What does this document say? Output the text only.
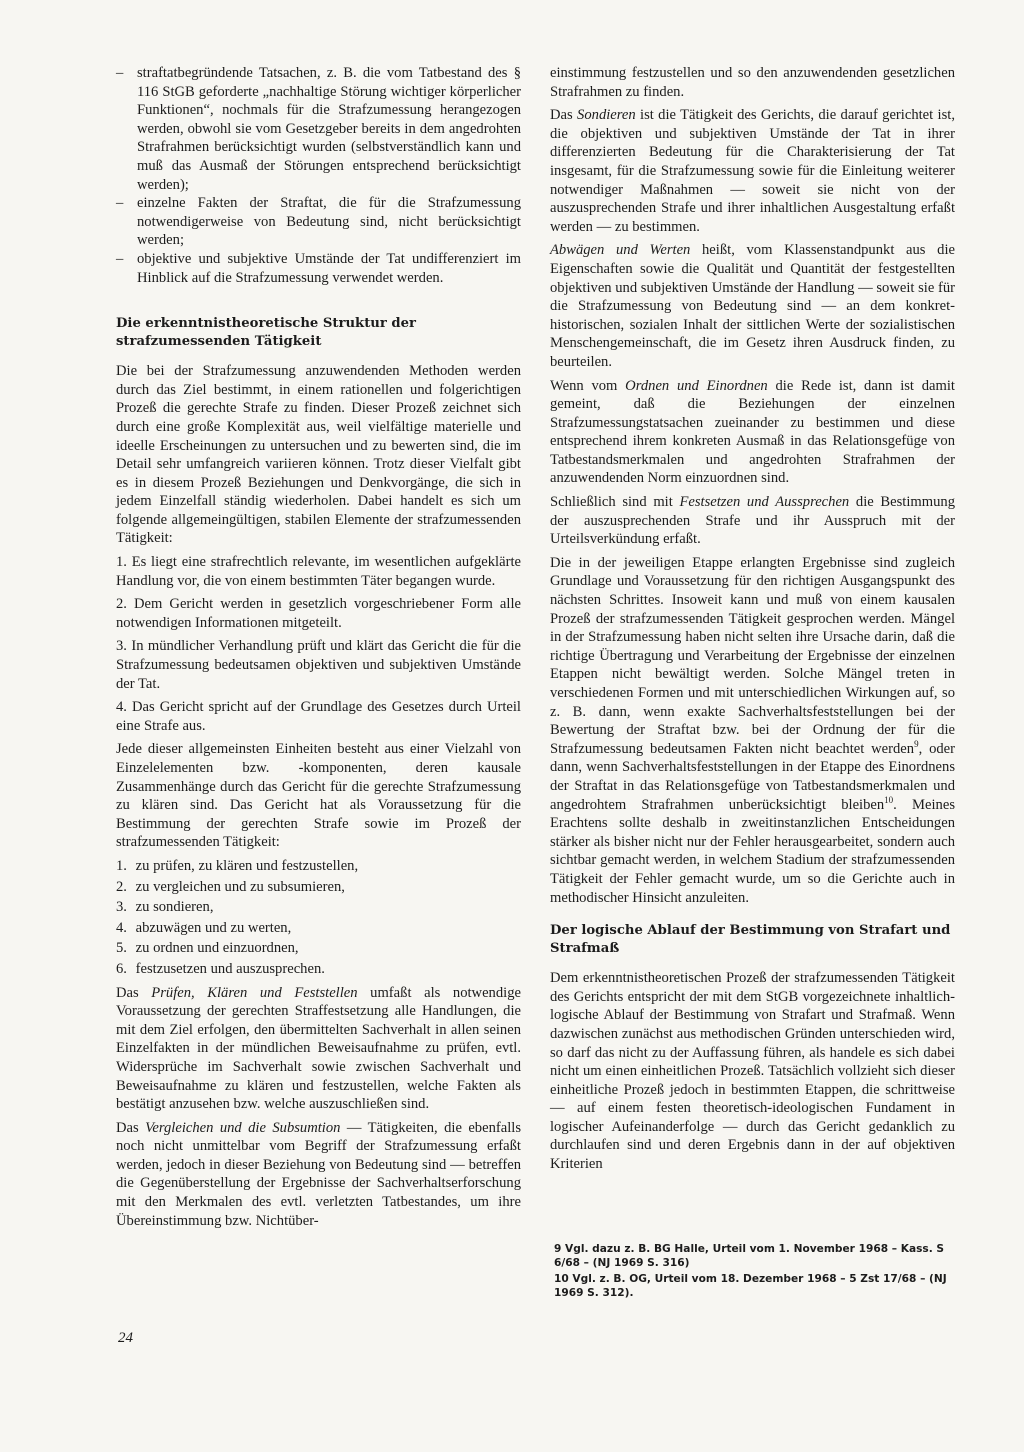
– straftatbegründende Tatsachen, z. B. die vom Tatbestand des § 116 StGB geforderte „nachhaltige Störung wichtiger körperlicher Funktionen“, nochmals für die Strafzumessung herangezogen werden, obwohl sie vom Gesetzgeber bereits in dem angedrohten Strafrahmen berücksichtigt wurden (selbstverständlich kann und muß das Ausmaß der Störungen entsprechend berücksichtigt werden);
– einzelne Fakten der Straftat, die für die Strafzumessung notwendigerweise von Bedeutung sind, nicht berücksichtigt werden;
– objektive und subjektive Umstände der Tat undifferenziert im Hinblick auf die Strafzumessung verwendet werden.
Die erkenntnistheoretische Struktur der strafzumessenden Tätigkeit

Die bei der Strafzumessung anzuwendenden Methoden werden durch das Ziel bestimmt, in einem rationellen und folgerichtigen Prozeß die gerechte Strafe zu finden. Dieser Prozeß zeichnet sich durch eine große Komplexität aus, weil vielfältige materielle und ideelle Erscheinungen zu untersuchen und zu bewerten sind, die im Detail sehr umfangreich variieren können. Trotz dieser Vielfalt gibt es in diesem Prozeß Beziehungen und Denkvorgänge, die sich in jedem Einzelfall ständig wiederholen. Dabei handelt es sich um folgende allgemeingültigen, stabilen Elemente der strafzumessenden Tätigkeit:

1. Es liegt eine strafrechtlich relevante, im wesentlichen aufgeklärte Handlung vor, die von einem bestimmten Täter begangen wurde.
2. Dem Gericht werden in gesetzlich vorgeschriebener Form alle notwendigen Informationen mitgeteilt.
3. In mündlicher Verhandlung prüft und klärt das Gericht die für die Strafzumessung bedeutsamen objektiven und subjektiven Umstände der Tat.
4. Das Gericht spricht auf der Grundlage des Gesetzes durch Urteil eine Strafe aus.

Jede dieser allgemeinsten Einheiten besteht aus einer Vielzahl von Einzelelementen bzw. -komponenten, deren kausale Zusammenhänge durch das Gericht für die gerechte Strafzumessung zu klären sind. Das Gericht hat als Voraussetzung für die Bestimmung der gerechten Strafe sowie im Prozeß der strafzumessenden Tätigkeit:

1. zu prüfen, zu klären und festzustellen,
2. zu vergleichen und zu subsumieren,
3. zu sondieren,
4. abzuwägen und zu werten,
5. zu ordnen und einzuordnen,
6. festzusetzen und auszusprechen.

Das Prüfen, Klären und Feststellen umfaßt als notwendige Voraussetzung der gerechten Straffestsetzung alle Handlungen, die mit dem Ziel erfolgen, den übermittelten Sachverhalt in allen seinen Einzelfakten in der mündlichen Beweisaufnahme zu prüfen, evtl. Widersprüche im Sachverhalt sowie zwischen Sachverhalt und Beweisaufnahme zu klären und festzustellen, welche Fakten als bestätigt anzusehen bzw. welche auszuschließen sind.

Das Vergleichen und die Subsumtion — Tätigkeiten, die ebenfalls noch nicht unmittelbar vom Begriff der Strafzumessung erfaßt werden, jedoch in dieser Beziehung von Bedeutung sind — betreffen die Gegenüberstellung der Ergebnisse der Sachverhaltserforschung mit den Merkmalen des evtl. verletzten Tatbestandes, um ihre Übereinstimmung bzw. Nichtüber-

einstimmung festzustellen und so den anzuwendenden gesetzlichen Strafrahmen zu finden.

Das Sondieren ist die Tätigkeit des Gerichts, die darauf gerichtet ist, die objektiven und subjektiven Umstände der Tat in ihrer differenzierten Bedeutung für die Charakterisierung der Tat insgesamt, für die Strafzumessung sowie für die Einleitung weiterer notwendiger Maßnahmen — soweit sie nicht von der auszusprechenden Strafe und ihrer inhaltlichen Ausgestaltung erfaßt werden — zu bestimmen.

Abwägen und Werten heißt, vom Klassenstandpunkt aus die Eigenschaften sowie die Qualität und Quantität der festgestellten objektiven und subjektiven Umstände der Handlung — soweit sie für die Strafzumessung von Bedeutung sind — an dem konkret-historischen, sozialen Inhalt der sittlichen Werte der sozialistischen Menschengemeinschaft, die im Gesetz ihren Ausdruck finden, zu beurteilen.

Wenn vom Ordnen und Einordnen die Rede ist, dann ist damit gemeint, daß die Beziehungen der einzelnen Strafzumessungstatsachen zueinander zu bestimmen und diese entsprechend ihrem konkreten Ausmaß in das Relationsgefüge von Tatbestandsmerkmalen und angedrohten Strafrahmen der anzuwendenden Norm einzuordnen sind.

Schließlich sind mit Festsetzen und Aussprechen die Bestimmung der auszusprechenden Strafe und ihr Ausspruch mit der Urteilsverkündung erfaßt.

Die in der jeweiligen Etappe erlangten Ergebnisse sind zugleich Grundlage und Voraussetzung für den richtigen Ausgangspunkt des nächsten Schrittes. Insoweit kann und muß von einem kausalen Prozeß der strafzumessenden Tätigkeit gesprochen werden. Mängel in der Strafzumessung haben nicht selten ihre Ursache darin, daß die richtige Übertragung und Verarbeitung der Ergebnisse der einzelnen Etappen nicht bewältigt werden. Solche Mängel treten in verschiedenen Formen und mit unterschiedlichen Wirkungen auf, so z. B. dann, wenn exakte Sachverhaltsfeststellungen bei der Bewertung der Straftat bzw. bei der Ordnung der für die Strafzumessung bedeutsamen Fakten nicht beachtet werden$^9$, oder dann, wenn Sachverhaltsfeststellungen in der Etappe des Einordnens der Straftat in das Relationsgefüge von Tatbestandsmerkmalen und angedrohtem Strafrahmen unberücksichtigt bleiben$^{10}$. Meines Erachtens sollte deshalb in zweitinstanzlichen Entscheidungen stärker als bisher nicht nur der Fehler herausgearbeitet, sondern auch sichtbar gemacht werden, in welchem Stadium der strafzumessenden Tätigkeit der Fehler gemacht wurde, um so die Gerichte auch in methodischer Hinsicht anzuleiten.

Der logische Ablauf der Bestimmung von Strafart und Strafmaß

Dem erkenntnistheoretischen Prozeß der strafzumessenden Tätigkeit des Gerichts entspricht der mit dem StGB vorgezeichnete inhaltlich-logische Ablauf der Bestimmung von Strafart und Strafmaß. Wenn dazwischen zunächst aus methodischen Gründen unterschieden wird, so darf das nicht zu der Auffassung führen, als handele es sich dabei nicht um einen einheitlichen Prozeß. Tatsächlich vollzieht sich dieser einheitliche Prozeß jedoch in bestimmten Etappen, die schrittweise — auf einem festen theoretisch-ideologischen Fundament in logischer Aufeinanderfolge — durch das Gericht gedanklich zu durchlaufen sind und deren Ergebnis dann in der auf objektiven Kriterien

9 Vgl. dazu z. B. BG Halle, Urteil vom 1. November 1968 – Kass. S 6/68 – (NJ 1969 S. 316)
10 Vgl. z. B. OG, Urteil vom 18. Dezember 1968 – 5 Zst 17/68 – (NJ 1969 S. 312).
24
